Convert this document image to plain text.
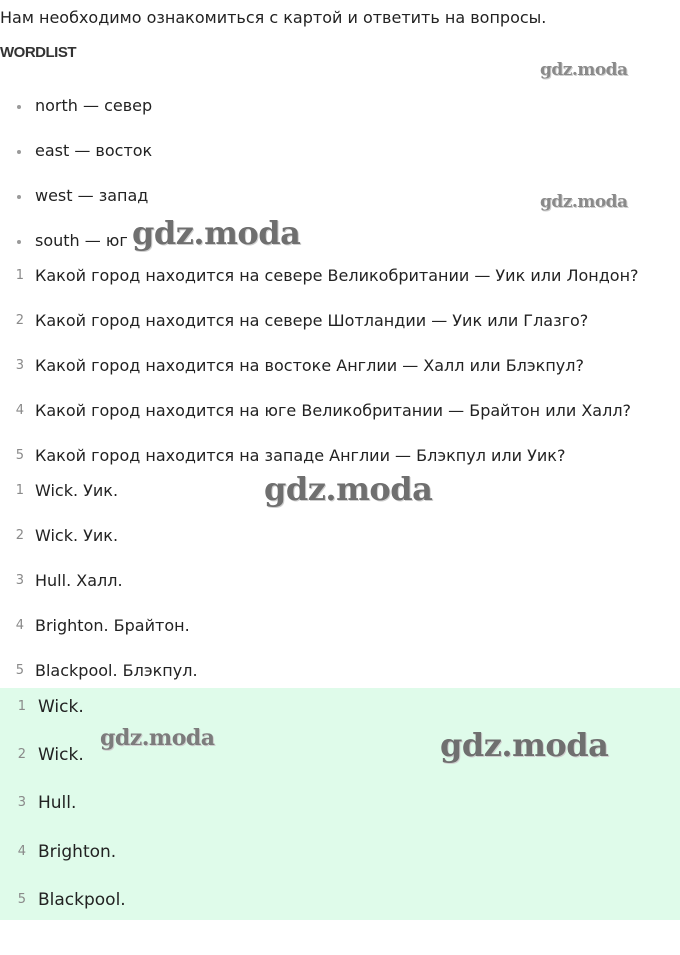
Нам необходимо ознакомиться с картой и ответить на вопросы.
WORDLIST
north — север
east — восток
west — запад
south — юг
1 Какой город находится на севере Великобритании — Уик или Лондон?
2 Какой город находится на севере Шотландии — Уик или Глазго?
3 Какой город находится на востоке Англии — Халл или Блэкпул?
4 Какой город находится на юге Великобритании — Брайтон или Халл?
5 Какой город находится на западе Англии — Блэкпул или Уик?
1 Wick. Уик.
2 Wick. Уик.
3 Hull. Халл.
4 Brighton. Брайтон.
5 Blackpool. Блэкпул.
1 Wick.
2 Wick.
3 Hull.
4 Brighton.
5 Blackpool.
gdz.moda
gdz.moda
gdz.moda
gdz.moda
gdz.moda	gdz.moda
